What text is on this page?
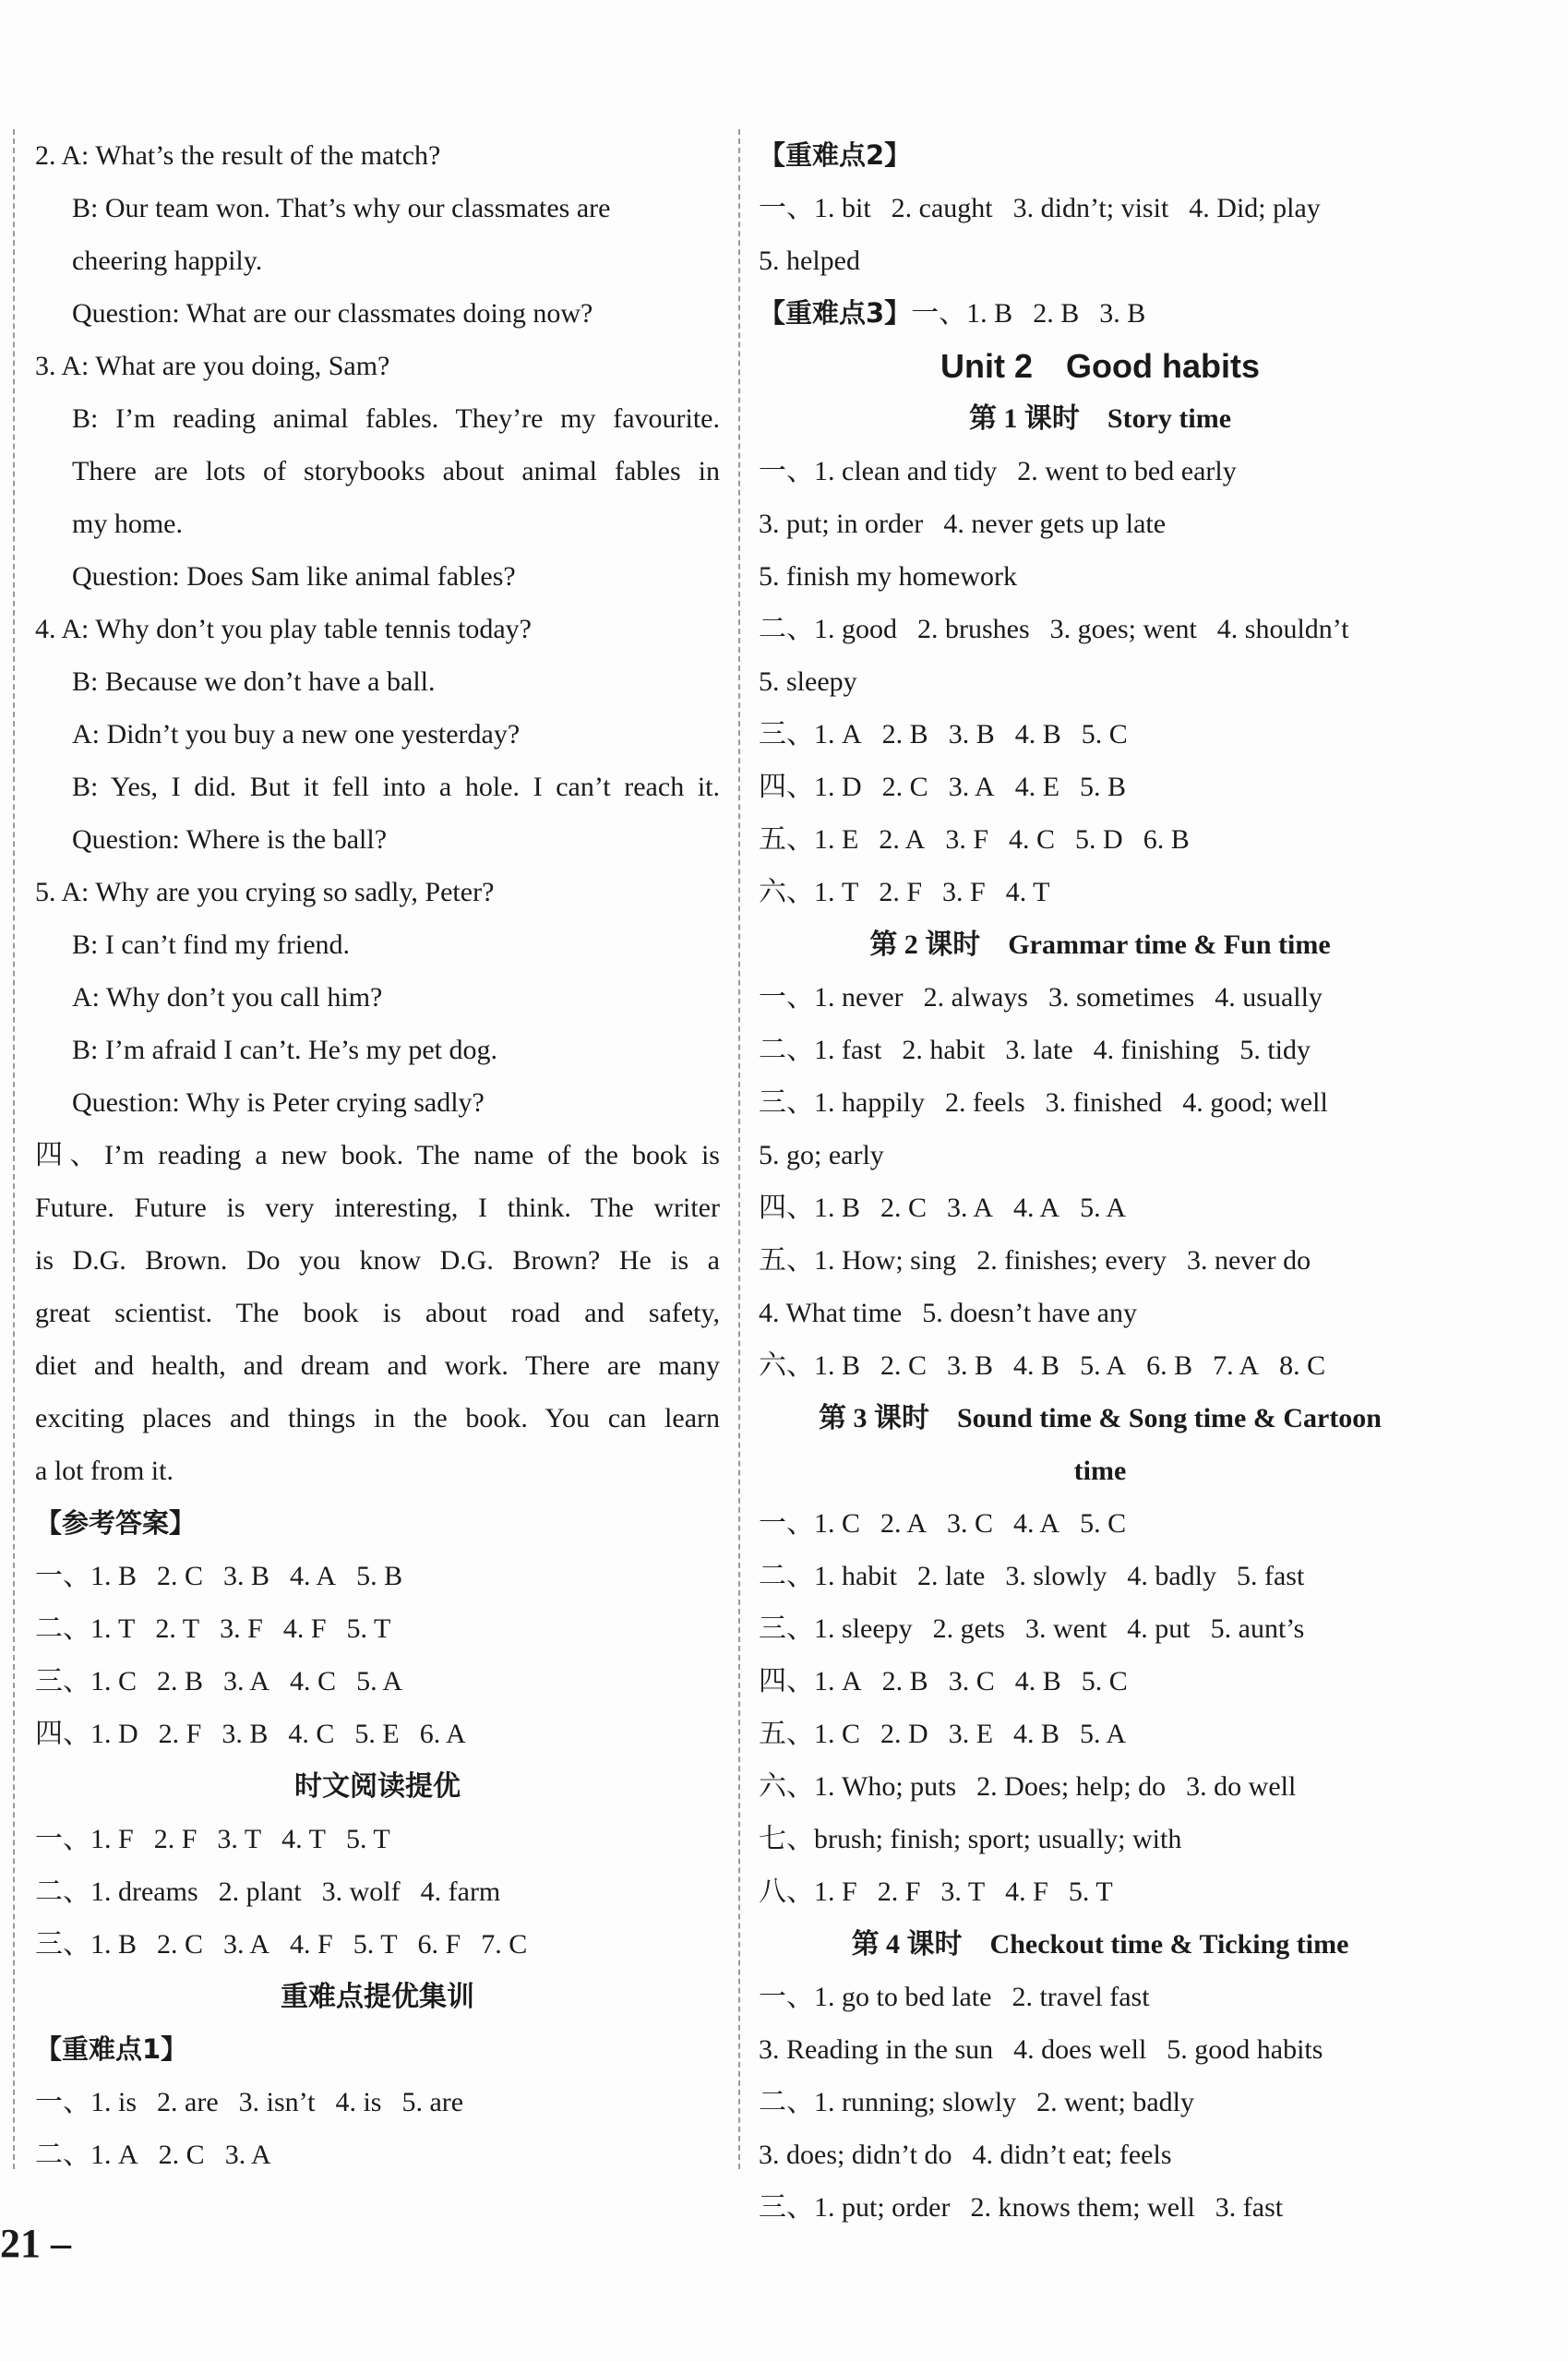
2. A: What’s the result of the match?
B: Our team won. That’s why our classmates are
cheering happily.
Question: What are our classmates doing now?
3. A: What are you doing, Sam?
B: I’m reading animal fables. They’re my favourite.
There are lots of storybooks about animal fables in
my home.
Question: Does Sam like animal fables?
4. A: Why don’t you play table tennis today?
B: Because we don’t have a ball.
A: Didn’t you buy a new one yesterday?
B: Yes, I did. But it fell into a hole. I can’t reach it.
Question: Where is the ball?
5. A: Why are you crying so sadly, Peter?
B: I can’t find my friend.
A: Why don’t you call him?
B: I’m afraid I can’t. He’s my pet dog.
Question: Why is Peter crying sadly?
四、I’m reading a new book. The name of the book is
Future. Future is very interesting, I think. The writer
is D.G. Brown. Do you know D.G. Brown? He is a
great scientist. The book is about road and safety,
diet and health, and dream and work. There are many
exciting places and things in the book. You can learn
a lot from it.
【参考答案】
一、1. B 2. C 3. B 4. A 5. B
二、1. T 2. T 3. F 4. F 5. T
三、1. C 2. B 3. A 4. C 5. A
四、1. D 2. F 3. B 4. C 5. E 6. A
时文阅读提优
一、1. F 2. F 3. T 4. T 5. T
二、1. dreams 2. plant 3. wolf 4. farm
三、1. B 2. C 3. A 4. F 5. T 6. F 7. C
重难点提优集训
【重难点1】
一、1. is 2. are 3. isn’t 4. is 5. are
二、1. A 2. C 3. A
【重难点2】
一、1. bit 2. caught 3. didn’t; visit 4. Did; play
5. helped
【重难点3】一、1. B 2. B 3. B
Unit 2　Good habits
第 1 课时　Story time
一、1. clean and tidy 2. went to bed early
3. put; in order 4. never gets up late
5. finish my homework
二、1. good 2. brushes 3. goes; went 4. shouldn’t
5. sleepy
三、1. A 2. B 3. B 4. B 5. C
四、1. D 2. C 3. A 4. E 5. B
五、1. E 2. A 3. F 4. C 5. D 6. B
六、1. T 2. F 3. F 4. T
第 2 课时　Grammar time & Fun time
一、1. never 2. always 3. sometimes 4. usually
二、1. fast 2. habit 3. late 4. finishing 5. tidy
三、1. happily 2. feels 3. finished 4. good; well
5. go; early
四、1. B 2. C 3. A 4. A 5. A
五、1. How; sing 2. finishes; every 3. never do
4. What time 5. doesn’t have any
六、1. B 2. C 3. B 4. B 5. A 6. B 7. A 8. C
第 3 课时　Sound time & Song time & Cartoon
time
一、1. C 2. A 3. C 4. A 5. C
二、1. habit 2. late 3. slowly 4. badly 5. fast
三、1. sleepy 2. gets 3. went 4. put 5. aunt’s
四、1. A 2. B 3. C 4. B 5. C
五、1. C 2. D 3. E 4. B 5. A
六、1. Who; puts 2. Does; help; do 3. do well
七、brush; finish; sport; usually; with
八、1. F 2. F 3. T 4. F 5. T
第 4 课时　Checkout time & Ticking time
一、1. go to bed late 2. travel fast
3. Reading in the sun 4. does well 5. good habits
二、1. running; slowly 2. went; badly
3. does; didn’t do 4. didn’t eat; feels
三、1. put; order 2. knows them; well 3. fast
21 –
